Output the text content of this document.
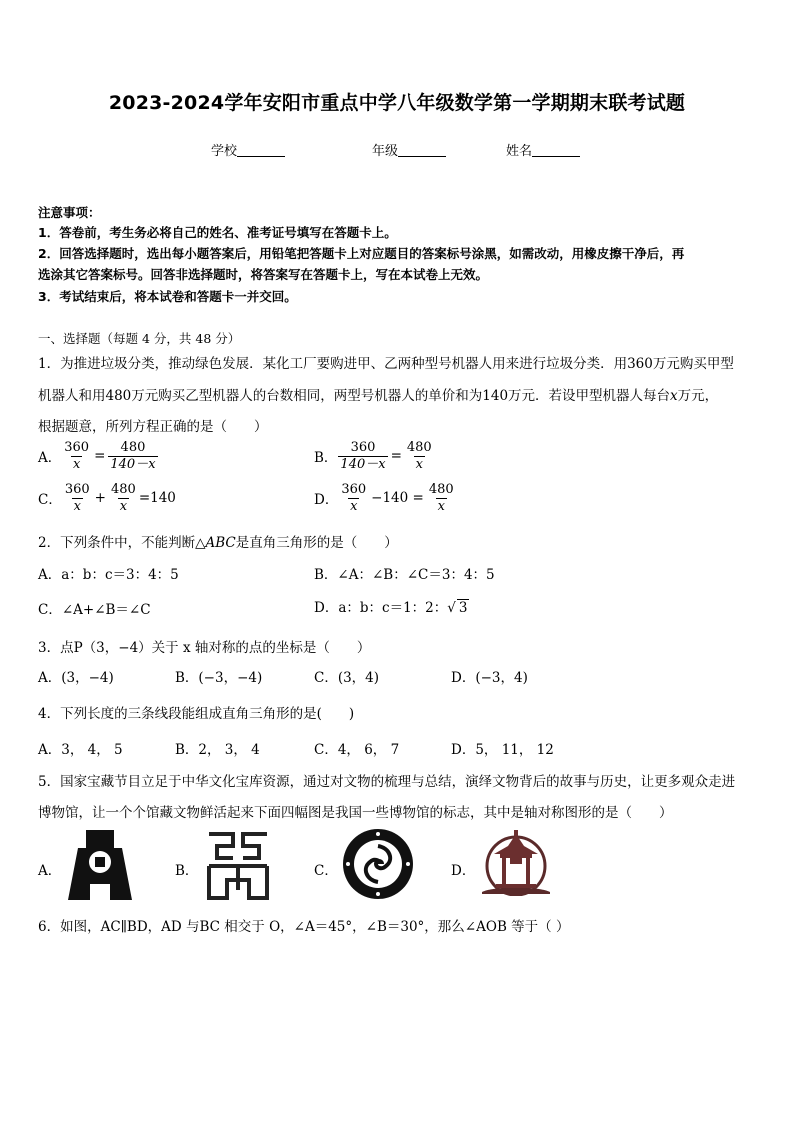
2023-2024学年安阳市重点中学八年级数学第一学期期末联考试题
学校	年级	姓名
注意事项：
1．答卷前，考生务必将自己的姓名、准考证号填写在答题卡上。
2．回答选择题时，选出每小题答案后，用铅笔把答题卡上对应题目的答案标号涂黑，如需改动，用橡皮擦干净后，再
选涂其它答案标号。回答非选择题时，将答案写在答题卡上，写在本试卷上无效。
3．考试结束后，将本试卷和答题卡一并交回。
一、选择题（每题 4 分，共 48 分）
1．为推进垃圾分类，推动绿色发展．某化工厂要购进甲、乙两种型号机器人用来进行垃圾分类．用360万元购买甲型
机器人和用480万元购买乙型机器人的台数相同，两型号机器人的单价和为140万元．若设甲型机器人每台x万元，
根据题意，所列方程正确的是（　　）
A． $\frac{360}{x} = \frac{480}{140-x}$	B． $\frac{360}{140-x} = \frac{480}{x}$
C． $\frac{360}{x} + \frac{480}{x} =140$	D． $\frac{360}{x} -140 = \frac{480}{x}$
2．下列条件中，不能判断△ABC是直角三角形的是（　　）
A．a：b：c＝3：4：5	B．∠A：∠B：∠C＝3：4：5
C．∠A+∠B＝∠C	D．a：b：c＝1：2：√ 3
3．点P（3，−4）关于 x 轴对称的点的坐标是（　　）
A．(3，−4)	B．(−3，−4)	C．(3，4)	D．(−3，4)
4．下列长度的三条线段能组成直角三角形的是(　　)
A．3， 4， 5	B．2， 3， 4	C．4， 6， 7	D．5， 11， 12
5．国家宝藏节目立足于中华文化宝库资源，通过对文物的梳理与总结，演绎文物背后的故事与历史，让更多观众走进
博物馆，让一个个馆藏文物鲜活起来下面四幅图是我国一些博物馆的标志，其中是轴对称图形的是（　　）
A．	B．	C．	D．
6．如图，AC∥BD，AD 与BC 相交于 O，∠A＝45°，∠B＝30°，那么∠AOB 等于（ ）
